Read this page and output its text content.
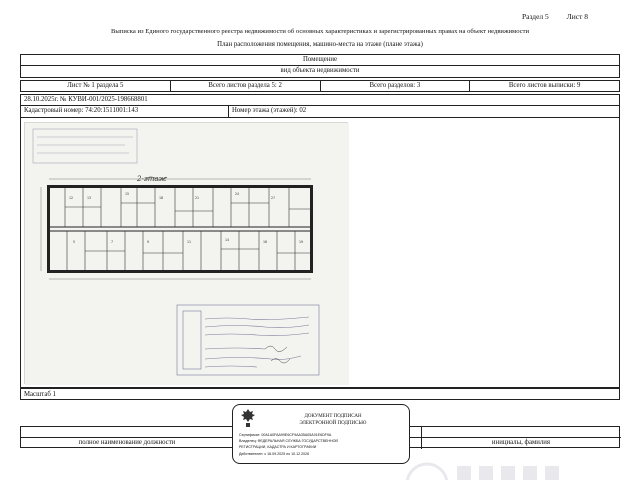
Раздел 5 Лист 8
Выписка из Единого государственного реестра недвижимости об основных характеристиках и зарегистрированных правах на объект недвижимости
План расположения помещения, машино-места на этаже (плане этажа)
Помещение
вид объекта недвижимости
Лист № 1 раздела 5	Всего листов раздела 5: 2	Всего разделов: 3	Всего листов выписки: 9
28.10.2025г. № КУВИ-001/2025-198668801
Кадастровый номер: 74:20:1511001:143	Номер этажа (этажей): 02
2-этаж
12	13
15
18	21
24
27
5	7	9	11	14	16	19
Масштаб 1
полное наименование должности	инициалы, фамилия
ДОКУМЕНТ ПОДПИСАН
ЭЛЕКТРОННОЙ ПОДПИСЬЮ
Сертификат: 00A1A0FAA99E6CF9AA35A05A01E6DF9A
Владелец: ФЕДЕРАЛЬНАЯ СЛУЖБА ГОСУДАРСТВЕННОЙ
РЕГИСТРАЦИИ, КАДАСТРА И КАРТОГРАФИИ
Действителен: с 16.09.2025 по 10.12.2026
